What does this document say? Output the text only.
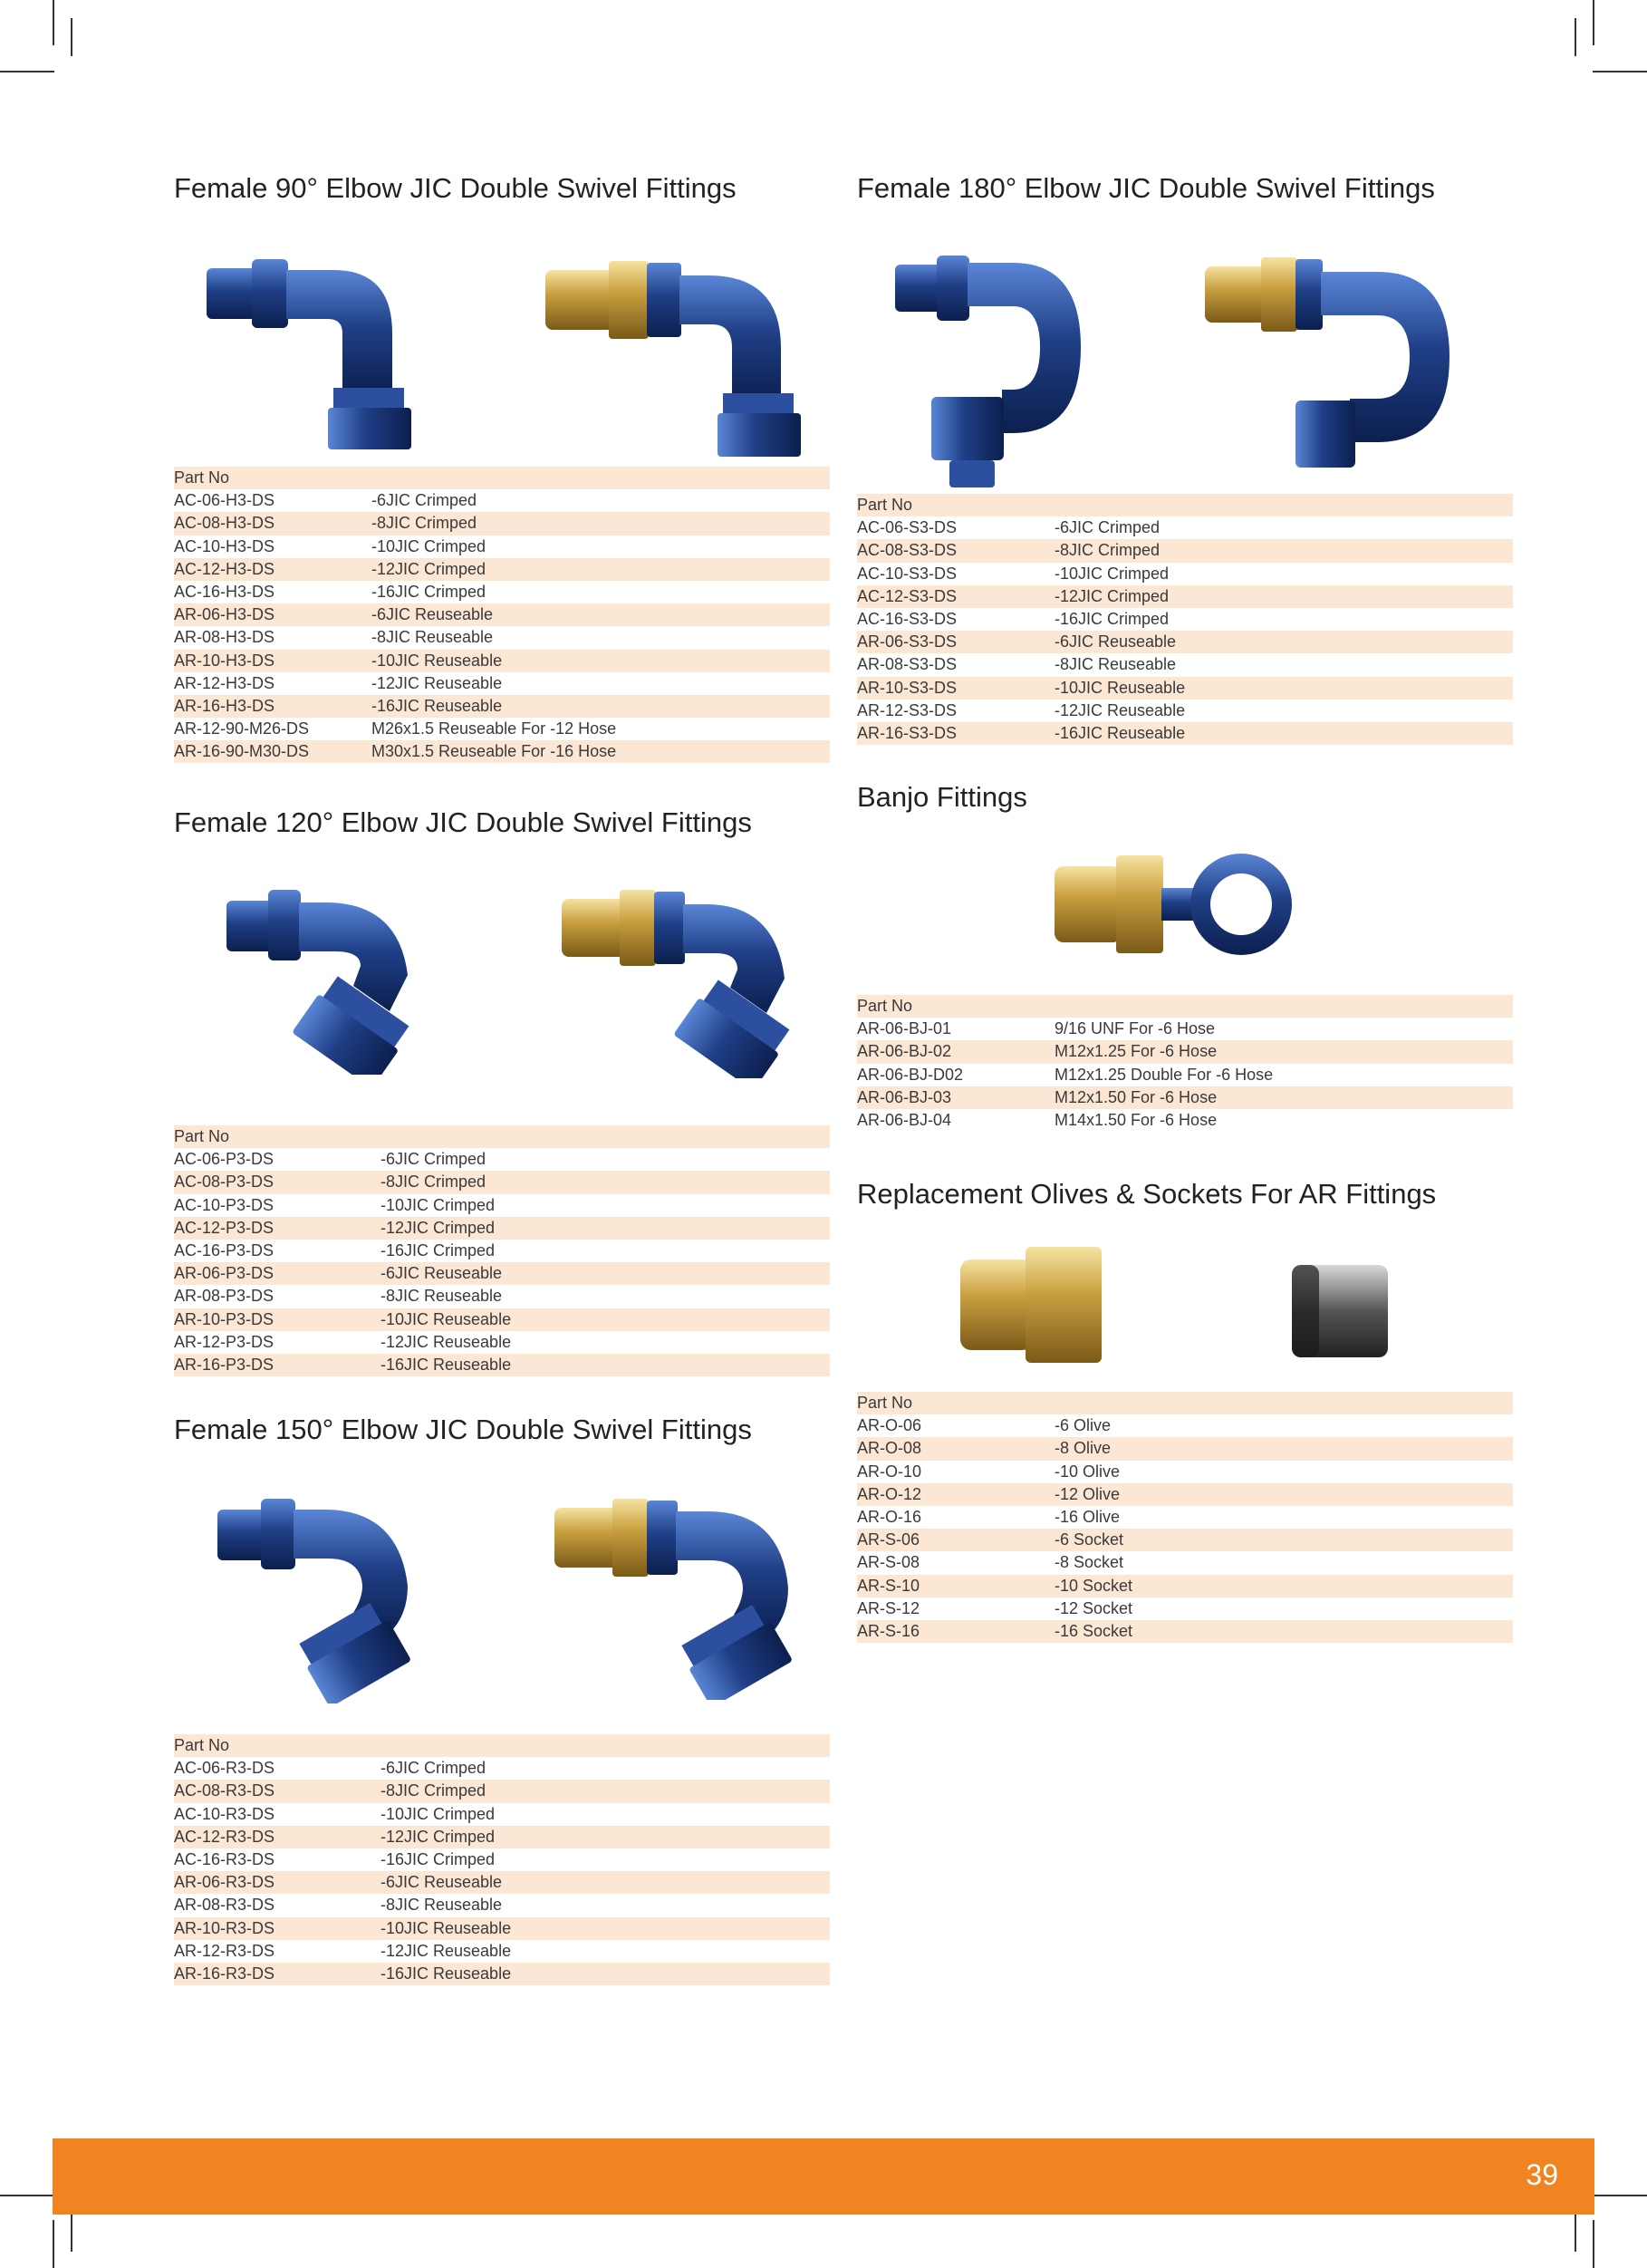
Female 90° Elbow JIC Double Swivel Fittings
Part No
AC-06-H3-DS	-6JIC Crimped
AC-08-H3-DS	-8JIC Crimped
AC-10-H3-DS	-10JIC Crimped
AC-12-H3-DS	-12JIC Crimped
AC-16-H3-DS	-16JIC Crimped
AR-06-H3-DS	-6JIC Reuseable
AR-08-H3-DS	-8JIC Reuseable
AR-10-H3-DS	-10JIC Reuseable
AR-12-H3-DS	-12JIC Reuseable
AR-16-H3-DS	-16JIC Reuseable
AR-12-90-M26-DS	M26x1.5 Reuseable For -12 Hose
AR-16-90-M30-DS	M30x1.5 Reuseable For -16 Hose
Female 180° Elbow JIC Double Swivel Fittings
Part No
AC-06-S3-DS	-6JIC Crimped
AC-08-S3-DS	-8JIC Crimped
AC-10-S3-DS	-10JIC Crimped
AC-12-S3-DS	-12JIC Crimped
AC-16-S3-DS	-16JIC Crimped
AR-06-S3-DS	-6JIC Reuseable
AR-08-S3-DS	-8JIC Reuseable
AR-10-S3-DS	-10JIC Reuseable
AR-12-S3-DS	-12JIC Reuseable
AR-16-S3-DS	-16JIC Reuseable
Banjo Fittings
Part No
AR-06-BJ-01	9/16 UNF For -6 Hose
AR-06-BJ-02	M12x1.25 For -6 Hose
AR-06-BJ-D02	M12x1.25 Double For -6 Hose
AR-06-BJ-03	M12x1.50 For -6 Hose
AR-06-BJ-04	M14x1.50 For -6 Hose
Female 120° Elbow JIC Double Swivel Fittings
Part No
AC-06-P3-DS	-6JIC Crimped
AC-08-P3-DS	-8JIC Crimped
AC-10-P3-DS	-10JIC Crimped
AC-12-P3-DS	-12JIC Crimped
AC-16-P3-DS	-16JIC Crimped
AR-06-P3-DS	-6JIC Reuseable
AR-08-P3-DS	-8JIC Reuseable
AR-10-P3-DS	-10JIC Reuseable
AR-12-P3-DS	-12JIC Reuseable
AR-16-P3-DS	-16JIC Reuseable
Replacement Olives & Sockets For AR Fittings
Part No
AR-O-06	-6 Olive
AR-O-08	-8 Olive
AR-O-10	-10 Olive
AR-O-12	-12 Olive
AR-O-16	-16 Olive
AR-S-06	-6 Socket
AR-S-08	-8 Socket
AR-S-10	-10 Socket
AR-S-12	-12 Socket
AR-S-16	-16 Socket
Female 150° Elbow JIC Double Swivel Fittings
Part No
AC-06-R3-DS	-6JIC Crimped
AC-08-R3-DS	-8JIC Crimped
AC-10-R3-DS	-10JIC Crimped
AC-12-R3-DS	-12JIC Crimped
AC-16-R3-DS	-16JIC Crimped
AR-06-R3-DS	-6JIC Reuseable
AR-08-R3-DS	-8JIC Reuseable
AR-10-R3-DS	-10JIC Reuseable
AR-12-R3-DS	-12JIC Reuseable
AR-16-R3-DS	-16JIC Reuseable
39
